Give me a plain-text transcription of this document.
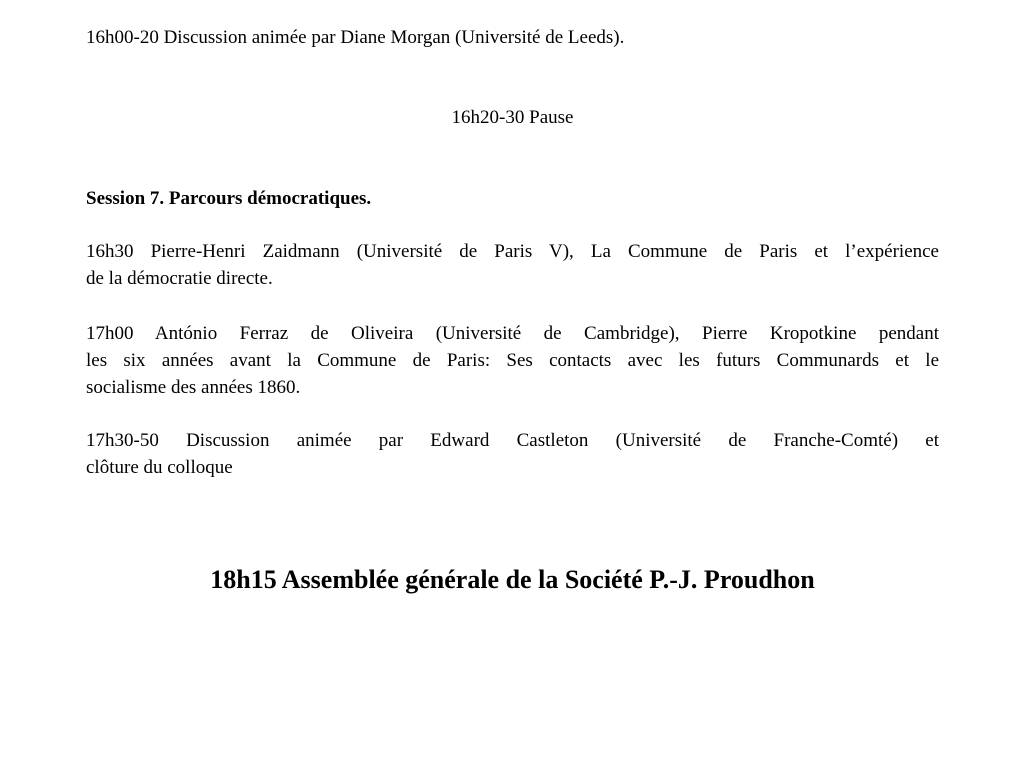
16h00-20 Discussion animée par Diane Morgan (Université de Leeds).
16h20-30 Pause
Session 7. Parcours démocratiques.
16h30 Pierre-Henri Zaidmann (Université de Paris V), La Commune de Paris et l’expérience
de la démocratie directe.
17h00 António Ferraz de Oliveira (Université de Cambridge), Pierre Kropotkine pendant
les six années avant la Commune de Paris: Ses contacts avec les futurs Communards et le
socialisme des années 1860.
17h30-50 Discussion animée par Edward Castleton (Université de Franche-Comté) et
clôture du colloque
18h15 Assemblée générale de la Société P.-J. Proudhon
